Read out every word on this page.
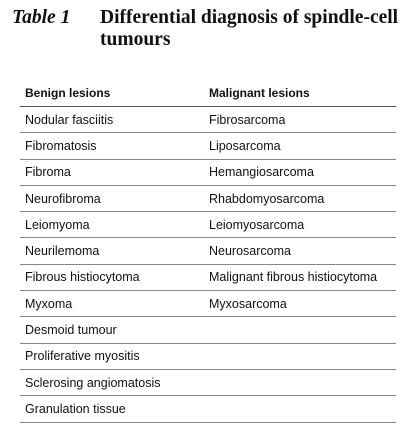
Table 1 Differential diagnosis of spindle-cell tumours
Benign lesions	Malignant lesions
Nodular fasciitis	Fibrosarcoma
Fibromatosis	Liposarcoma
Fibroma	Hemangiosarcoma
Neurofibroma	Rhabdomyosarcoma
Leiomyoma	Leiomyosarcoma
Neurilemoma	Neurosarcoma
Fibrous histiocytoma	Malignant fibrous histiocytoma
Myxoma	Myxosarcoma
Desmoid tumour	
Proliferative myositis	
Sclerosing angiomatosis	
Granulation tissue	
